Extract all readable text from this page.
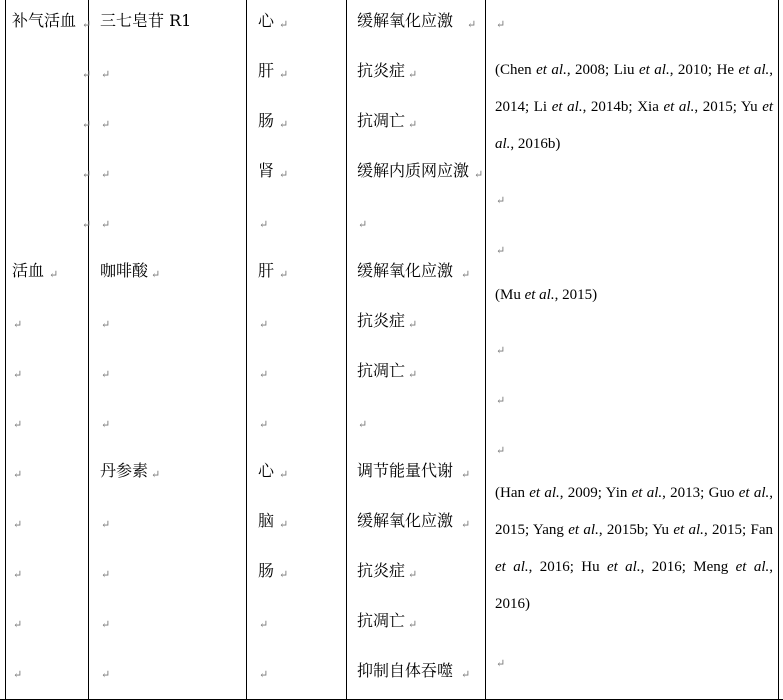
补气活血
活血
三七皂苷 R1
咖啡酸
丹参素
心
肝
肠
肾
肝
心
脑
肠
缓解氧化应激
抗炎症
抗凋亡
缓解内质网应激
缓解氧化应激
抗炎症
抗凋亡
调节能量代谢
缓解氧化应激
抗炎症
抗凋亡
抑制自体吞噬
(Chen et al., 2008; Liu et al., 2010; He et al., 2014; Li et al., 2014b; Xia et al., 2015; Yu et al., 2016b)
(Mu et al., 2015)
(Han et al., 2009; Yin et al., 2013; Guo et al., 2015; Yang et al., 2015b; Yu et al., 2015; Fan et al., 2016; Hu et al., 2016; Meng et al., 2016)
↵
↵
↵
↵
↵
↵
↵
↵
↵
↵
↵
↵
↵
↵
↵
↵
↵
↵
↵
↵
↵
↵
↵
↵
↵
↵
↵
↵
↵
↵
↵
↵
↵
↵
↵
↵
↵
↵
↵
↵
↵
↵
↵
↵
↵
↵
↵
↵
↵
↵
↵
↵
↵
↵
↵
↵
↵
↵
↵
↵
↵
↵
